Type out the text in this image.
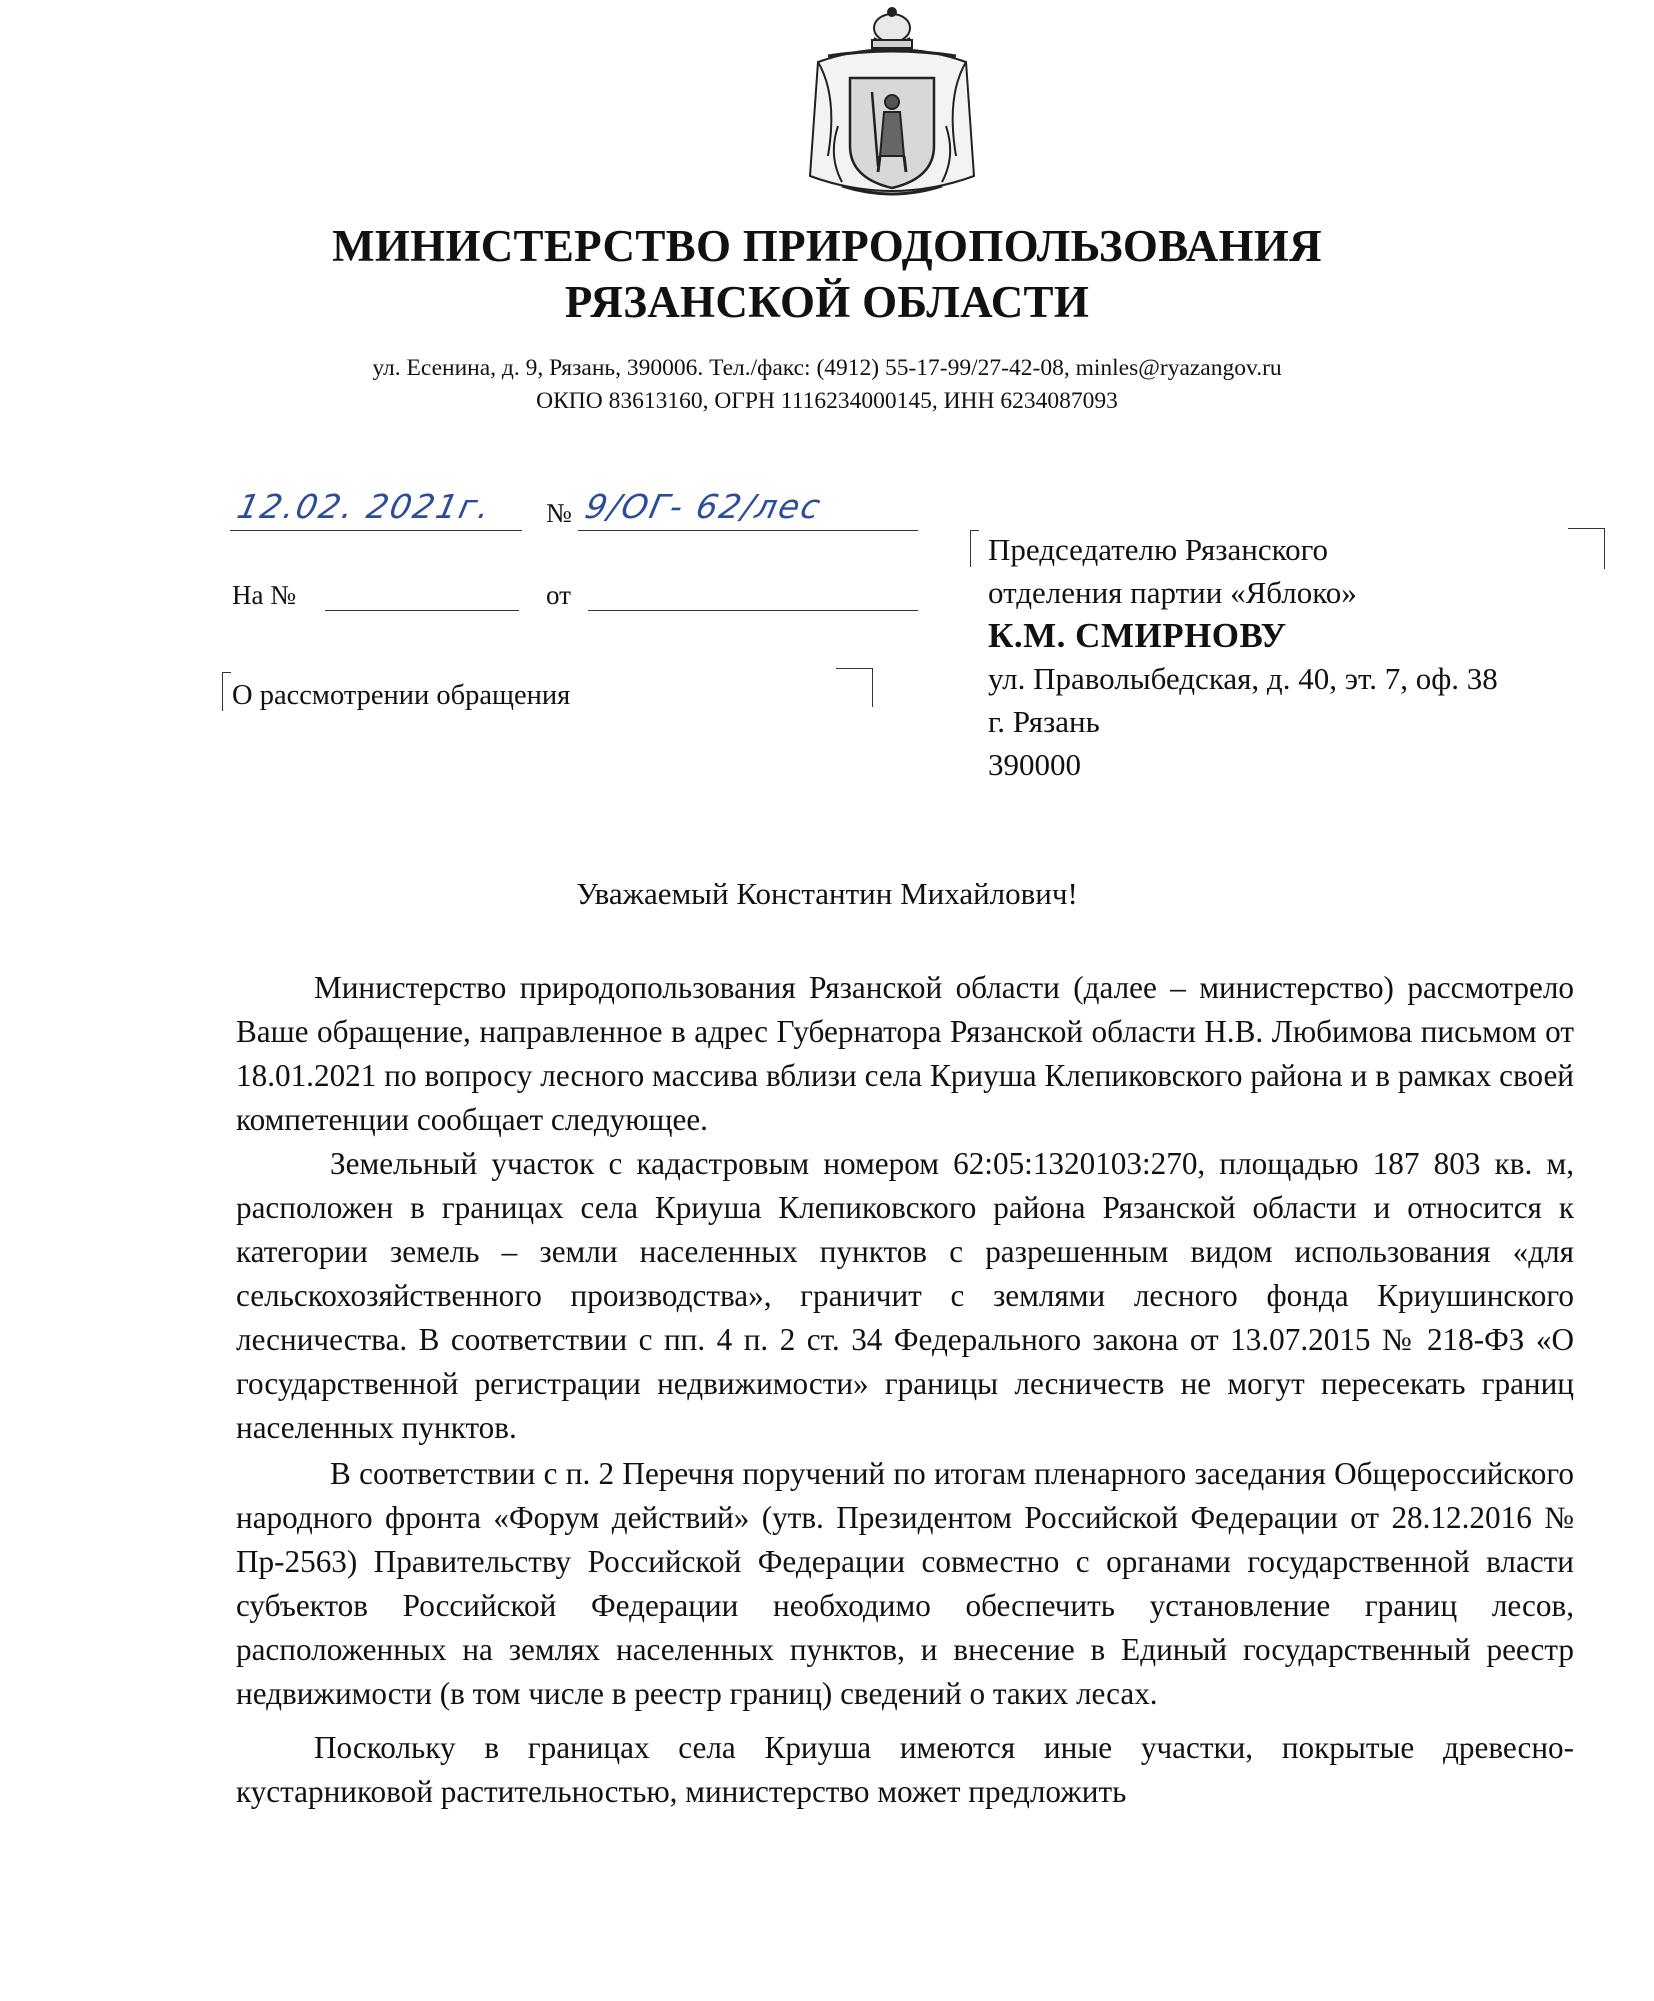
МИНИСТЕРСТВО ПРИРОДОПОЛЬЗОВАНИЯ
РЯЗАНСКОЙ ОБЛАСТИ
ул. Есенина, д. 9, Рязань, 390006. Тел./факс: (4912) 55-17-99/27-42-08, minles@ryazangov.ru
ОКПО 83613160, ОГРН 1116234000145, ИНН 6234087093
12.02. 2021г. № 9/ОГ- 62/лес
На №	от
О рассмотрении обращения
Председателю Рязанского
отделения партии «Яблоко»
К.М. СМИРНОВУ
ул. Праволыбедская, д. 40, эт. 7, оф. 38
г. Рязань
390000
Уважаемый Константин Михайлович!

Министерство природопользования Рязанской области (далее – министерство) рассмотрело Ваше обращение, направленное в адрес Губернатора Рязанской области Н.В. Любимова письмом от 18.01.2021 по вопросу лесного массива вблизи села Криуша Клепиковского района и в рамках своей компетенции сообщает следующее.

Земельный участок с кадастровым номером 62:05:1320103:270, площадью 187 803 кв. м, расположен в границах села Криуша Клепиковского района Рязанской области и относится к категории земель – земли населенных пунктов с разрешенным видом использования «для сельскохозяйственного производства», граничит с землями лесного фонда Криушинского лесничества. В соответствии с пп. 4 п. 2 ст. 34 Федерального закона от 13.07.2015 № 218-ФЗ «О государственной регистрации недвижимости» границы лесничеств не могут пересекать границ населенных пунктов.

В соответствии с п. 2 Перечня поручений по итогам пленарного заседания Общероссийского народного фронта «Форум действий» (утв. Президентом Российской Федерации от 28.12.2016 № Пр-2563) Правительству Российской Федерации совместно с органами государственной власти субъектов Российской Федерации необходимо обеспечить установление границ лесов, расположенных на землях населенных пунктов, и внесение в Единый государственный реестр недвижимости (в том числе в реестр границ) сведений о таких лесах.

Поскольку в границах села Криуша имеются иные участки, покрытые древесно-кустарниковой растительностью, министерство может предложить
